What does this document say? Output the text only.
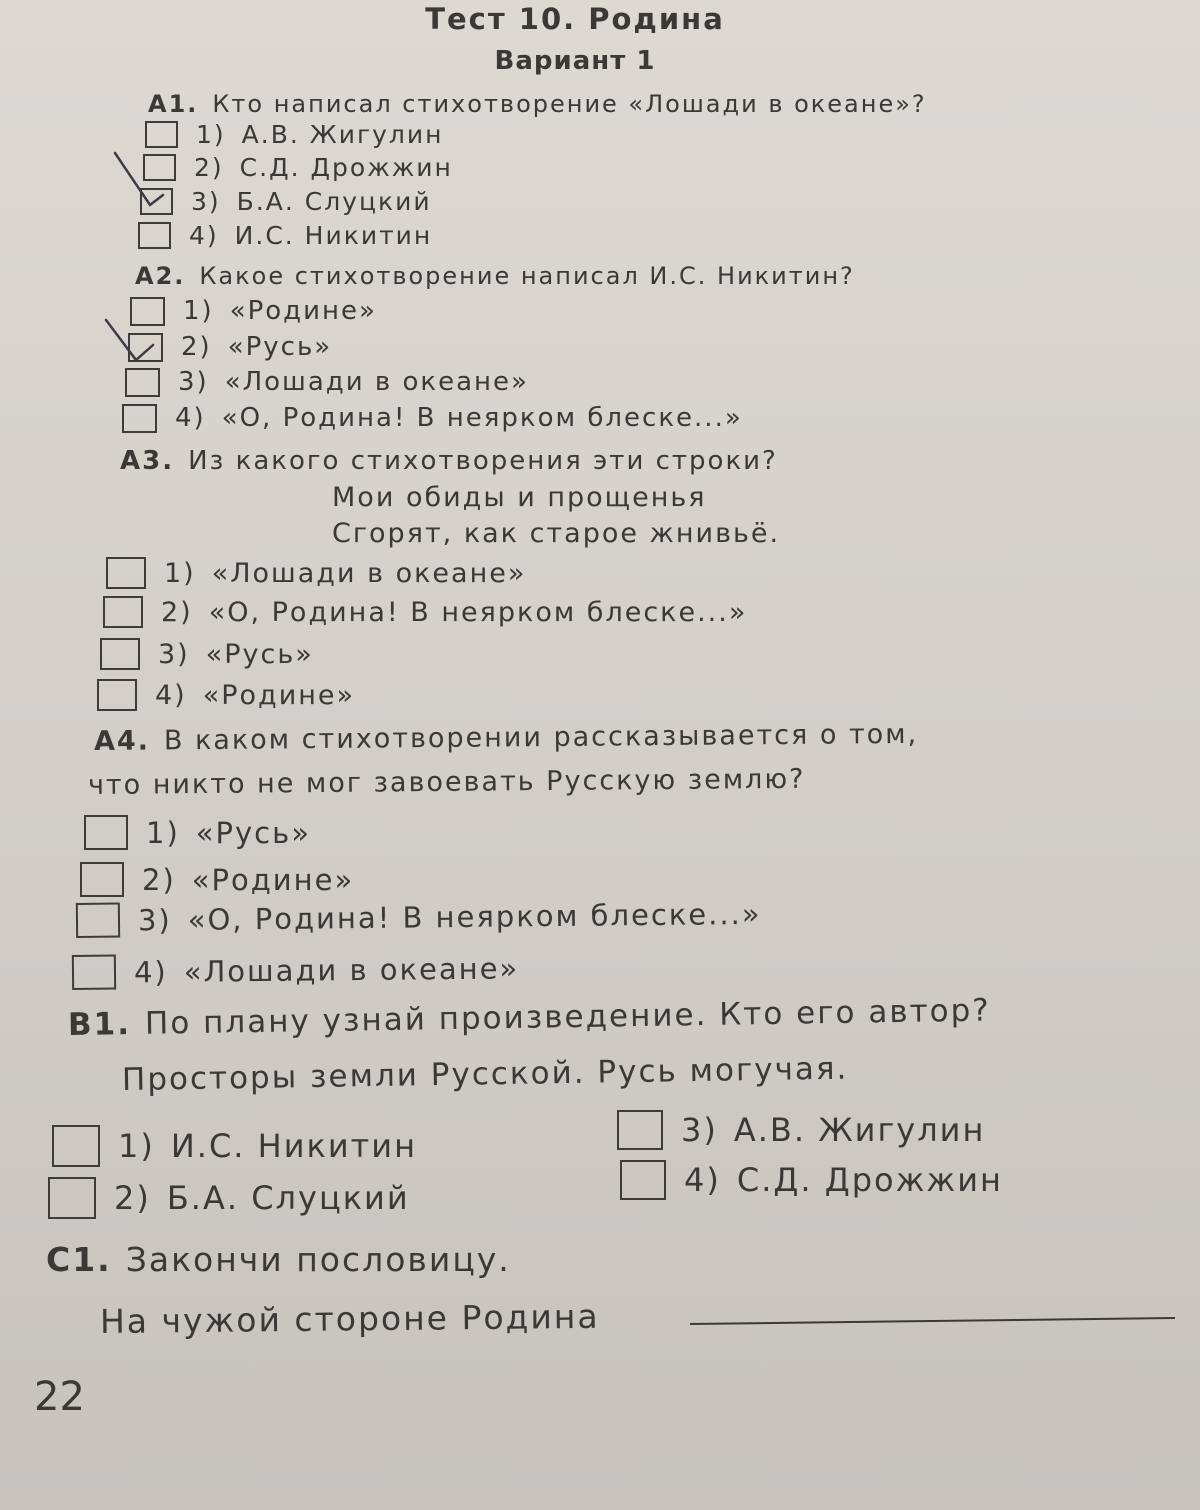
Тест 10. Родина
Вариант 1
А1. Кто написал стихотворение «Лошади в океане»?
1) А.В. Жигулин
2) С.Д. Дрожжин
3) Б.А. Слуцкий
4) И.С. Никитин
А2. Какое стихотворение написал И.С. Никитин?
1) «Родине»
2) «Русь»
3) «Лошади в океане»
4) «О, Родина! В неярком блеске...»
А3. Из какого стихотворения эти строки?
Мои обиды и прощенья
Сгорят, как старое жнивьё.
1) «Лошади в океане»
2) «О, Родина! В неярком блеске...»
3) «Русь»
4) «Родине»
А4. В каком стихотворении рассказывается о том,
что никто не мог завоевать Русскую землю?
1) «Русь»
2) «Родине»
3) «О, Родина! В неярком блеске...»
4) «Лошади в океане»
В1. По плану узнай произведение. Кто его автор?
Просторы земли Русской. Русь могучая.
1) И.С. Никитин
2) Б.А. Слуцкий
3) А.В. Жигулин
4) С.Д. Дрожжин
С1. Закончи пословицу.
На чужой стороне Родина
22
